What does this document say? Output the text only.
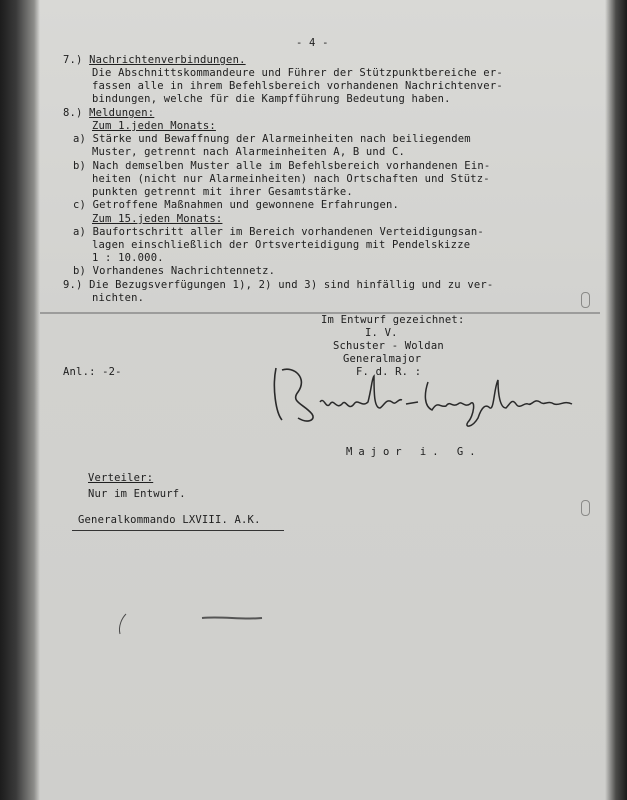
- 4 -
7.) Nachrichtenverbindungen.
Die Abschnittskommandeure und Führer der Stützpunktbereiche er-
fassen alle in ihrem Befehlsbereich vorhandenen Nachrichtenver-
bindungen, welche für die Kampfführung Bedeutung haben.
8.) Meldungen:
Zum 1.jeden Monats:
a) Stärke und Bewaffnung der Alarmeinheiten nach beiliegendem
Muster, getrennt nach Alarmeinheiten A, B und C.
b) Nach demselben Muster alle im Befehlsbereich vorhandenen Ein-
heiten (nicht nur Alarmeinheiten) nach Ortschaften und Stütz-
punkten getrennt mit ihrer Gesamtstärke.
c) Getroffene Maßnahmen und gewonnene Erfahrungen.
Zum 15.jeden Monats:
a) Baufortschritt aller im Bereich vorhandenen Verteidigungsan-
lagen einschließlich der Ortsverteidigung mit Pendelskizze
1 : 10.000.
b) Vorhandenes Nachrichtennetz.
9.) Die Bezugsverfügungen 1), 2) und 3) sind hinfällig und zu ver-
nichten.
Im Entwurf gezeichnet:
I. V.
Schuster - Woldan
Generalmajor
F. d. R. :
Anl.: -2-
Major i. G.
Verteiler:
Nur im Entwurf.
Generalkommando LXVIII. A.K.
